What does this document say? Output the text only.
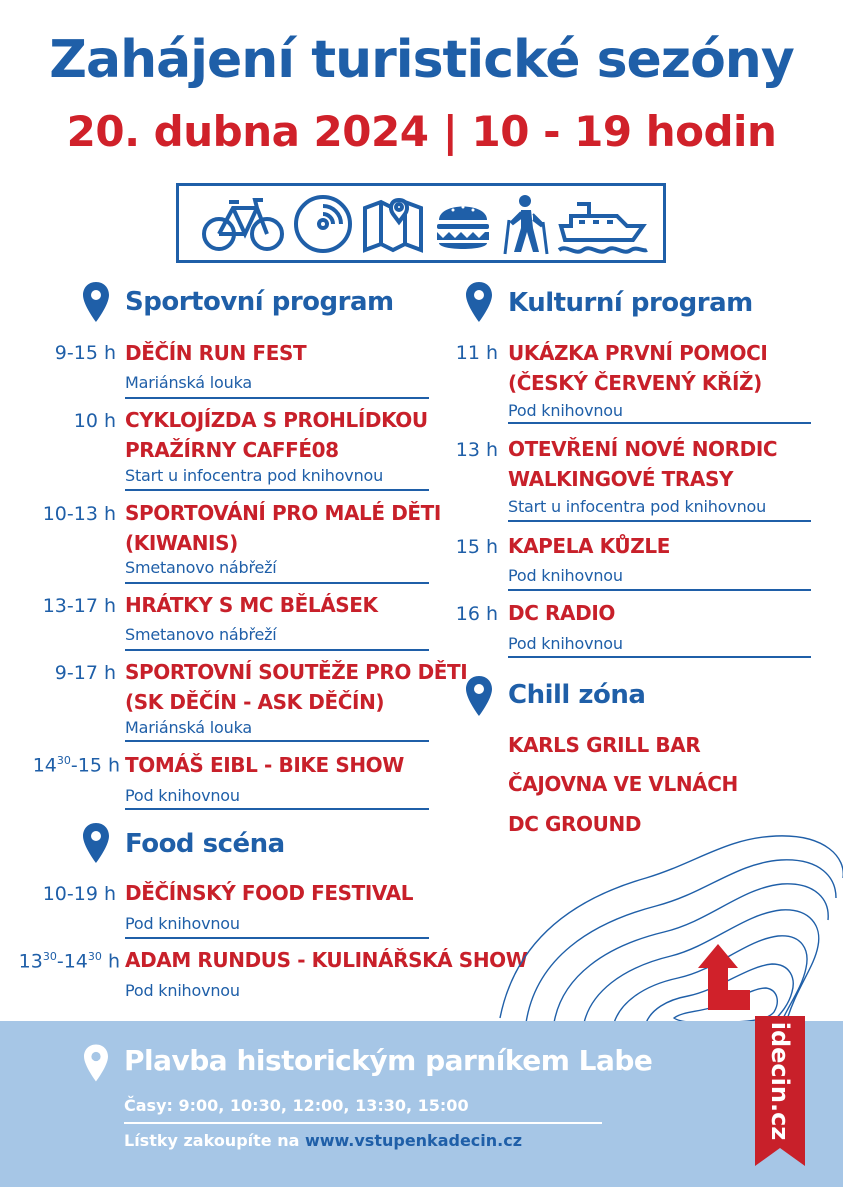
Zahájení turistické sezóny
20. dubna 2024 | 10 - 19 hodin
Sportovní program	Kulturní program
9-15 h DĚČÍN RUN FEST
Mariánská louka
10 h CYKLOJÍZDA S PROHLÍDKOU
PRAŽÍRNY CAFFÉ08
Start u infocentra pod knihovnou
10-13 h SPORTOVÁNÍ PRO MALÉ DĚTI
(KIWANIS)
Smetanovo nábřeží
13-17 h HRÁTKY S MC BĚLÁSEK
Smetanovo nábřeží
9-17 h SPORTOVNÍ SOUTĚŽE PRO DĚTI
(SK DĚČÍN - ASK DĚČÍN)
Mariánská louka
$14^{30}-15$ h TOMÁŠ EIBL - BIKE SHOW
Pod knihovnou
Food scéna
10-19 h DĚČÍNSKÝ FOOD FESTIVAL
Pod knihovnou
$13^{30}-14^{30}$ h ADAM RUNDUS - KULINÁŘSKÁ SHOW
Pod knihovnou
11 h UKÁZKA PRVNÍ POMOCI
(ČESKÝ ČERVENÝ KŘÍŽ)
Pod knihovnou
13 h OTEVŘENÍ NOVÉ NORDIC
WALKINGOVÉ TRASY
Start u infocentra pod knihovnou
15 h KAPELA KŮZLE
Pod knihovnou
16 h DC RADIO
Pod knihovnou
Chill zóna
KARLS GRILL BAR
ČAJOVNA VE VLNÁCH
DC GROUND
Plavba historickým parníkem Labe
Časy: 9:00, 10:30, 12:00, 13:30, 15:00
Lístky zakoupíte na www.vstupenkadecin.cz
idecin.cz
